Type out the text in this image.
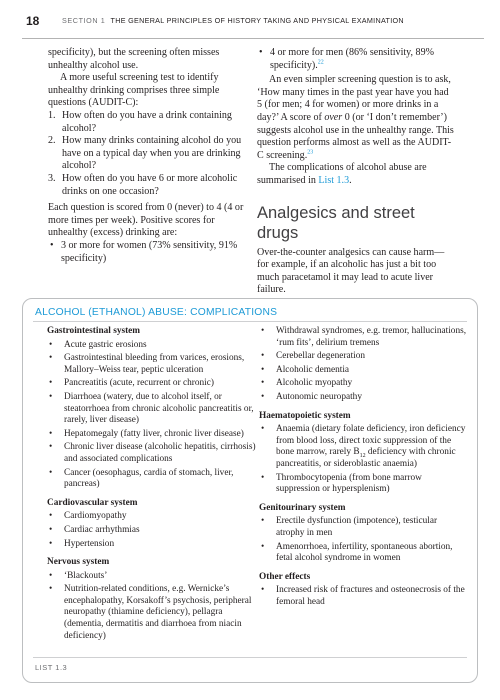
18	SECTION 1 THE GENERAL PRINCIPLES OF HISTORY TAKING AND PHYSICAL EXAMINATION

specificity), but the screening often misses unhealthy alcohol use.

A more useful screening test to identify unhealthy drinking comprises three simple questions (AUDIT-C):

1. How often do you have a drink containing alcohol?
2. How many drinks containing alcohol do you have on a typical day when you are drinking alcohol?
3. How often do you have 6 or more alcoholic drinks on one occasion?

Each question is scored from 0 (never) to 4 (4 or more times per week). Positive scores for unhealthy (excess) drinking are:

• 3 or more for women (73% sensitivity, 91% specificity)
• 4 or more for men (86% sensitivity, 89% specificity).$^{22}$

An even simpler screening question is to ask, ‘How many times in the past year have you had 5 (for men; 4 for women) or more drinks in a day?’ A score of over 0 (or ‘I don’t remember’) suggests alcohol use in the unhealthy range. This question performs almost as well as the AUDIT-C screening.$^{23}$

The complications of alcohol abuse are summarised in List 1.3.

Analgesics and street drugs

Over-the-counter analgesics can cause harm—for example, if an alcoholic has just a bit too much paracetamol it may lead to acute liver failure.

ALCOHOL (ETHANOL) ABUSE: COMPLICATIONS
Gastrointestinal system
• Acute gastric erosions
• Gastrointestinal bleeding from varices, erosions, Mallory–Weiss tear, peptic ulceration
• Pancreatitis (acute, recurrent or chronic)
• Diarrhoea (watery, due to alcohol itself, or steatorrhoea from chronic alcoholic pancreatitis or, rarely, liver disease)
• Hepatomegaly (fatty liver, chronic liver disease)
• Chronic liver disease (alcoholic hepatitis, cirrhosis) and associated complications
• Cancer (oesophagus, cardia of stomach, liver, pancreas)
Cardiovascular system
• Cardiomyopathy
• Cardiac arrhythmias
• Hypertension
Nervous system
• ‘Blackouts’
• Nutrition-related conditions, e.g. Wernicke’s encephalopathy, Korsakoff’s psychosis, peripheral neuropathy (thiamine deficiency), pellagra (dementia, dermatitis and diarrhoea from niacin deficiency)
• Withdrawal syndromes, e.g. tremor, hallucinations, ‘rum fits’, delirium tremens
• Cerebellar degeneration
• Alcoholic dementia
• Alcoholic myopathy
• Autonomic neuropathy
Haematopoietic system
• Anaemia (dietary folate deficiency, iron deficiency from blood loss, direct toxic suppression of the bone marrow, rarely $B_{12}$ deficiency with chronic pancreatitis, or sideroblastic anaemia)
• Thrombocytopenia (from bone marrow suppression or hypersplenism)
Genitourinary system
• Erectile dysfunction (impotence), testicular atrophy in men
• Amenorrhoea, infertility, spontaneous abortion, fetal alcohol syndrome in women
Other effects
• Increased risk of fractures and osteonecrosis of the femoral head
LIST 1.3
